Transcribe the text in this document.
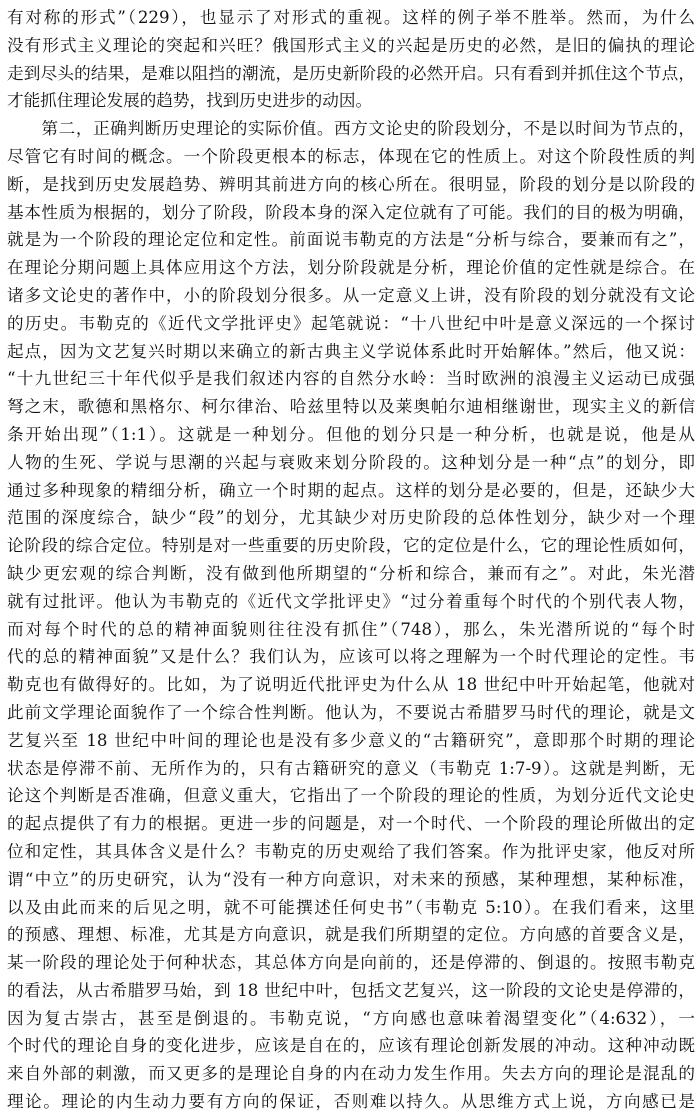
有对称的形式”（229），也显示了对形式的重视。这样的例子举不胜举。然而，为什么
没有形式主义理论的突起和兴旺？俄国形式主义的兴起是历史的必然，是旧的偏执的理论
走到尽头的结果，是难以阻挡的潮流，是历史新阶段的必然开启。只有看到并抓住这个节点，
才能抓住理论发展的趋势，找到历史进步的动因。
　　第二，正确判断历史理论的实际价值。西方文论史的阶段划分，不是以时间为节点的，
尽管它有时间的概念。一个阶段更根本的标志，体现在它的性质上。对这个阶段性质的判
断，是找到历史发展趋势、辨明其前进方向的核心所在。很明显，阶段的划分是以阶段的
基本性质为根据的，划分了阶段，阶段本身的深入定位就有了可能。我们的目的极为明确，
就是为一个阶段的理论定位和定性。前面说韦勒克的方法是“分析与综合，要兼而有之”，
在理论分期问题上具体应用这个方法，划分阶段就是分析，理论价值的定性就是综合。在
诸多文论史的著作中，小的阶段划分很多。从一定意义上讲，没有阶段的划分就没有文论
的历史。韦勒克的《近代文学批评史》起笔就说：“十八世纪中叶是意义深远的一个探讨
起点，因为文艺复兴时期以来确立的新古典主义学说体系此时开始解体。”然后，他又说：
“十九世纪三十年代似乎是我们叙述内容的自然分水岭：当时欧洲的浪漫主义运动已成强
弩之末，歌德和黑格尔、柯尔律治、哈兹里特以及莱奥帕尔迪相继谢世，现实主义的新信
条开始出现”（1:1）。这就是一种划分。但他的划分只是一种分析，也就是说，他是从
人物的生死、学说与思潮的兴起与衰败来划分阶段的。这种划分是一种“点”的划分，即
通过多种现象的精细分析，确立一个时期的起点。这样的划分是必要的，但是，还缺少大
范围的深度综合，缺少“段”的划分，尤其缺少对历史阶段的总体性划分，缺少对一个理
论阶段的综合定位。特别是对一些重要的历史阶段，它的定位是什么，它的理论性质如何，
缺少更宏观的综合判断，没有做到他所期望的“分析和综合，兼而有之”。对此，朱光潜
就有过批评。他认为韦勒克的《近代文学批评史》“过分着重每个时代的个别代表人物，
而对每个时代的总的精神面貌则往往没有抓住”（748），那么，朱光潜所说的“每个时
代的总的精神面貌”又是什么？我们认为，应该可以将之理解为一个时代理论的定性。韦
勒克也有做得好的。比如，为了说明近代批评史为什么从 18 世纪中叶开始起笔，他就对
此前文学理论面貌作了一个综合性判断。他认为，不要说古希腊罗马时代的理论，就是文
艺复兴至 18 世纪中叶间的理论也是没有多少意义的“古籍研究”，意即那个时期的理论
状态是停滞不前、无所作为的，只有古籍研究的意义（韦勒克 1:7-9）。这就是判断，无
论这个判断是否准确，但意义重大，它指出了一个阶段的理论的性质，为划分近代文论史
的起点提供了有力的根据。更进一步的问题是，对一个时代、一个阶段的理论所做出的定
位和定性，其具体含义是什么？韦勒克的历史观给了我们答案。作为批评史家，他反对所
谓“中立”的历史研究，认为“没有一种方向意识，对未来的预感，某种理想，某种标准，
以及由此而来的后见之明，就不可能撰述任何史书”（韦勒克 5:10）。在我们看来，这里
的预感、理想、标准，尤其是方向意识，就是我们所期望的定位。方向感的首要含义是，
某一阶段的理论处于何种状态，其总体方向是向前的，还是停滞的、倒退的。按照韦勒克
的看法，从古希腊罗马始，到 18 世纪中叶，包括文艺复兴，这一阶段的文论史是停滞的，
因为复古崇古，甚至是倒退的。韦勒克说，“方向感也意味着渴望变化”（4:632），一
个时代的理论自身的变化进步，应该是自在的，应该有理论创新发展的冲动。这种冲动既
来自外部的刺激，而又更多的是理论自身的内在动力发生作用。失去方向的理论是混乱的
理论。理论的内生动力要有方向的保证，否则难以持久。从思维方式上说，方向感已是
